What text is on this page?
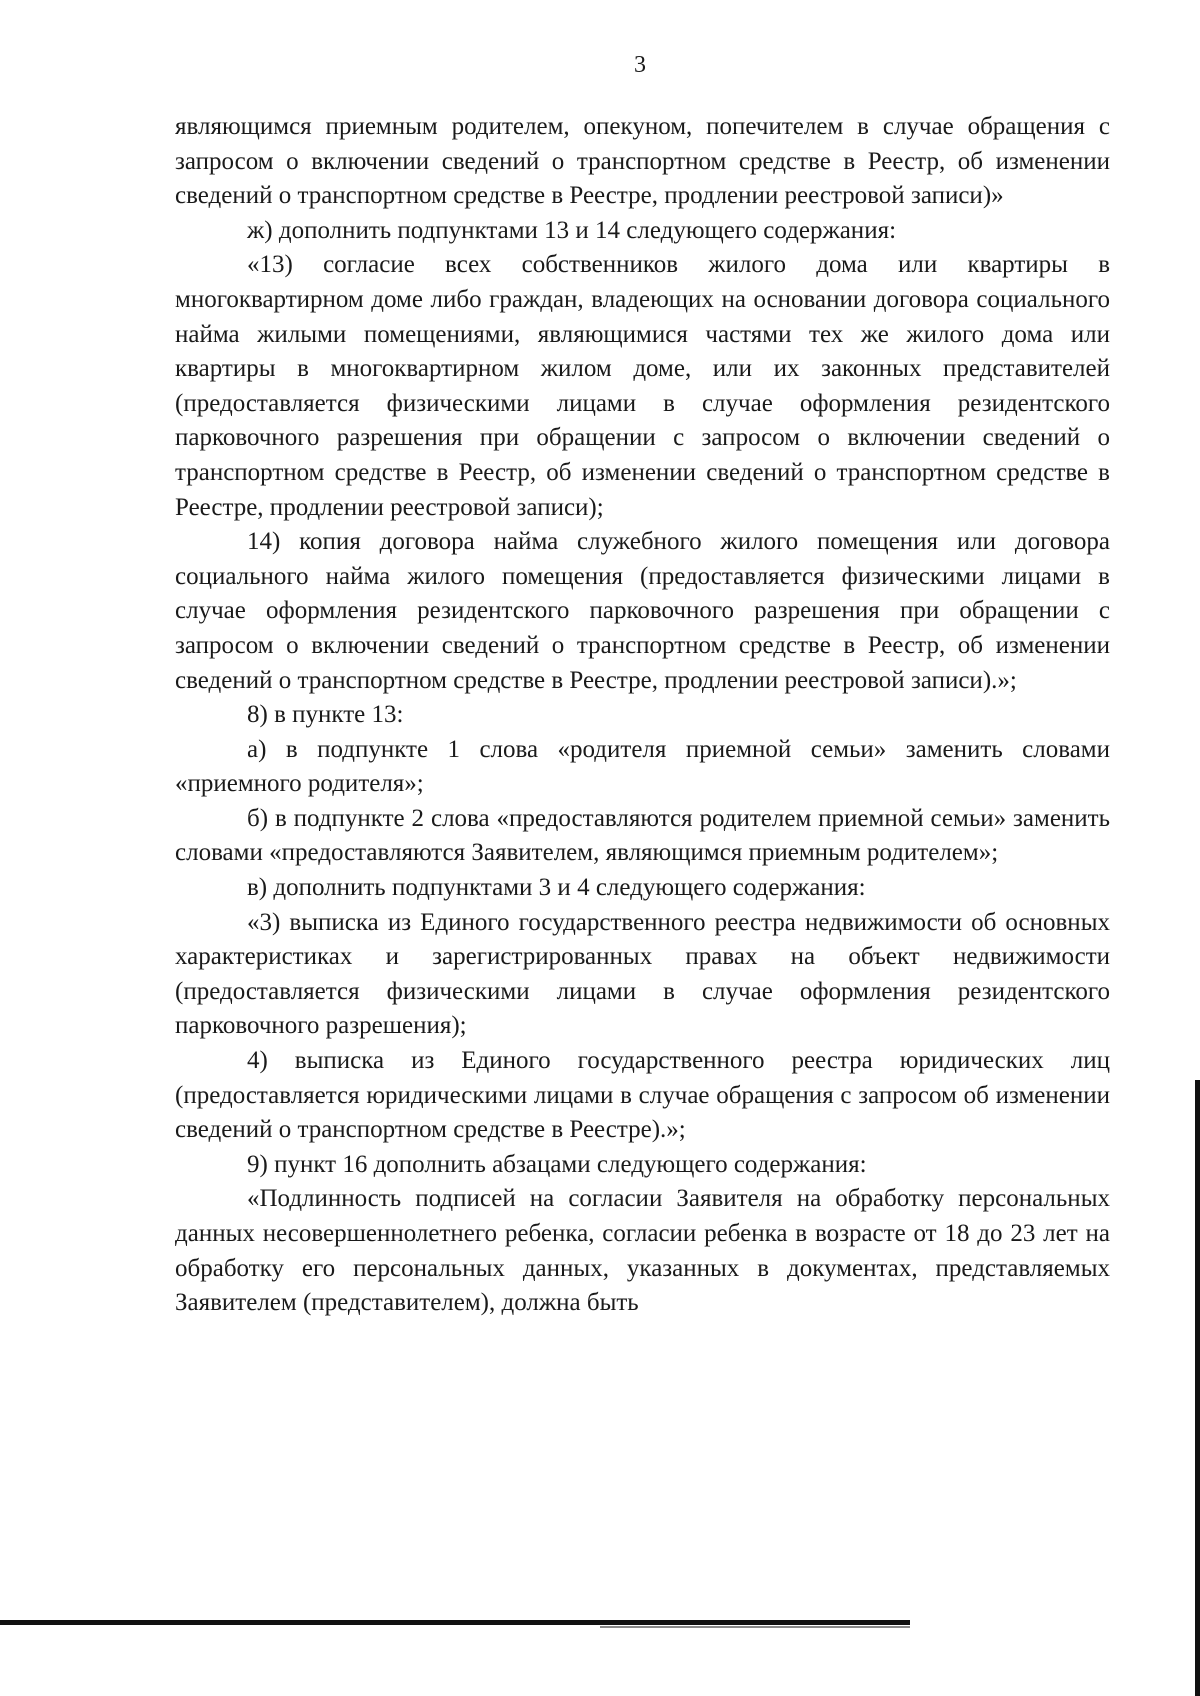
3

являющимся приемным родителем, опекуном, попечителем в случае обращения с запросом о включении сведений о транспортном средстве в Реестр, об изменении сведений о транспортном средстве в Реестре, продлении реестровой записи)»

ж) дополнить подпунктами 13 и 14 следующего содержания:

«13) согласие всех собственников жилого дома или квартиры в многоквартирном доме либо граждан, владеющих на основании договора социального найма жилыми помещениями, являющимися частями тех же жилого дома или квартиры в многоквартирном жилом доме, или их законных представителей (предоставляется физическими лицами в случае оформления резидентского парковочного разрешения при обращении с запросом о включении сведений о транспортном средстве в Реестр, об изменении сведений о транспортном средстве в Реестре, продлении реестровой записи);

14) копия договора найма служебного жилого помещения или договора социального найма жилого помещения (предоставляется физическими лицами в случае оформления резидентского парковочного разрешения при обращении с запросом о включении сведений о транспортном средстве в Реестр, об изменении сведений о транспортном средстве в Реестре, продлении реестровой записи).»;

8) в пункте 13:

а) в подпункте 1 слова «родителя приемной семьи» заменить словами «приемного родителя»;

б) в подпункте 2 слова «предоставляются родителем приемной семьи» заменить словами «предоставляются Заявителем, являющимся приемным родителем»;

в) дополнить подпунктами 3 и 4 следующего содержания:

«3) выписка из Единого государственного реестра недвижимости об основных характеристиках и зарегистрированных правах на объект недвижимости (предоставляется физическими лицами в случае оформления резидентского парковочного разрешения);

4) выписка из Единого государственного реестра юридических лиц (предоставляется юридическими лицами в случае обращения с запросом об изменении сведений о транспортном средстве в Реестре).»;

9) пункт 16 дополнить абзацами следующего содержания:

«Подлинность подписей на согласии Заявителя на обработку персональных данных несовершеннолетнего ребенка, согласии ребенка в возрасте от 18 до 23 лет на обработку его персональных данных, указанных в документах, представляемых Заявителем (представителем), должна быть
